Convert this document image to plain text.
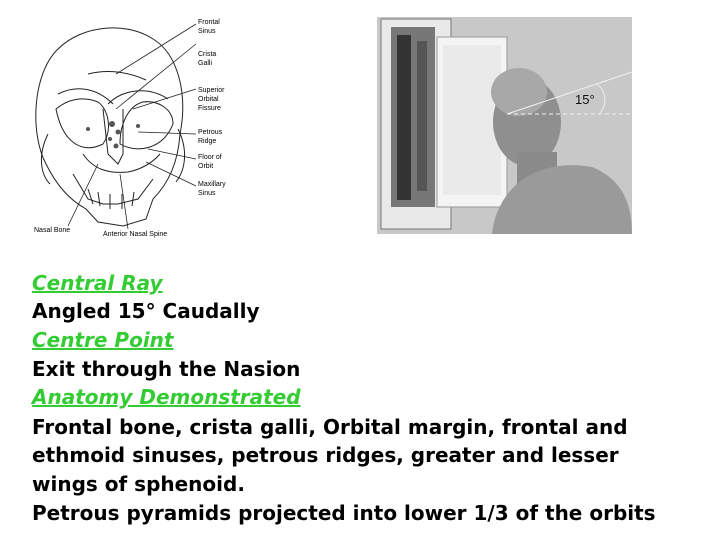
Frontal
Sinus
Crista
Galli
Superior
Orbital
Fissure
Petrous
Ridge
Floor of
Orbit
Maxillary
Sinus
Nasal Bone
Anterior Nasal Spine
15°

Central Ray

Angled 15° Caudally

Centre Point

Exit through the Nasion

Anatomy Demonstrated

Frontal bone, crista galli, Orbital margin, frontal and

ethmoid sinuses, petrous ridges, greater and lesser

wings of sphenoid.

Petrous pyramids projected into lower 1/3 of the orbits
